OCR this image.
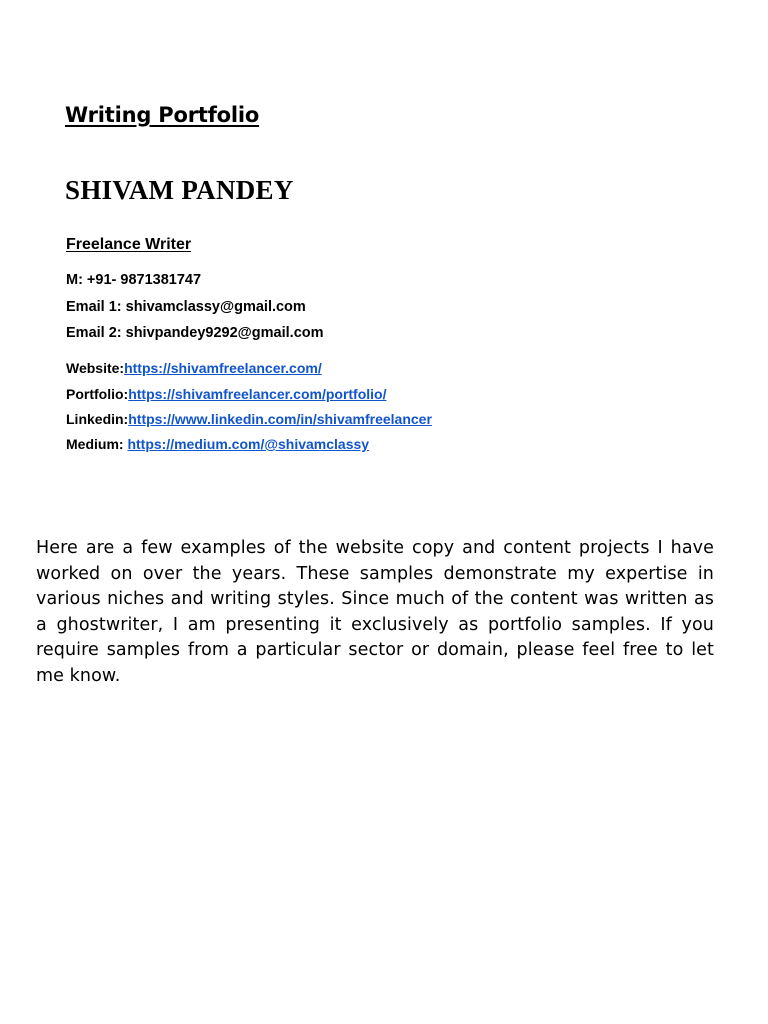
Writing Portfolio
SHIVAM PANDEY
Freelance Writer
M: +91- 9871381747
Email 1: shivamclassy@gmail.com
Email 2: shivpandey9292@gmail.com
Website:https://shivamfreelancer.com/
Portfolio:https://shivamfreelancer.com/portfolio/
Linkedin:https://www.linkedin.com/in/shivamfreelancer
Medium: https://medium.com/@shivamclassy

Here are a few examples of the website copy and content projects I have worked on over the years. These samples demonstrate my expertise in various niches and writing styles. Since much of the content was written as a ghostwriter, I am presenting it exclusively as portfolio samples. If you require samples from a particular sector or domain, please feel free to let me know.
